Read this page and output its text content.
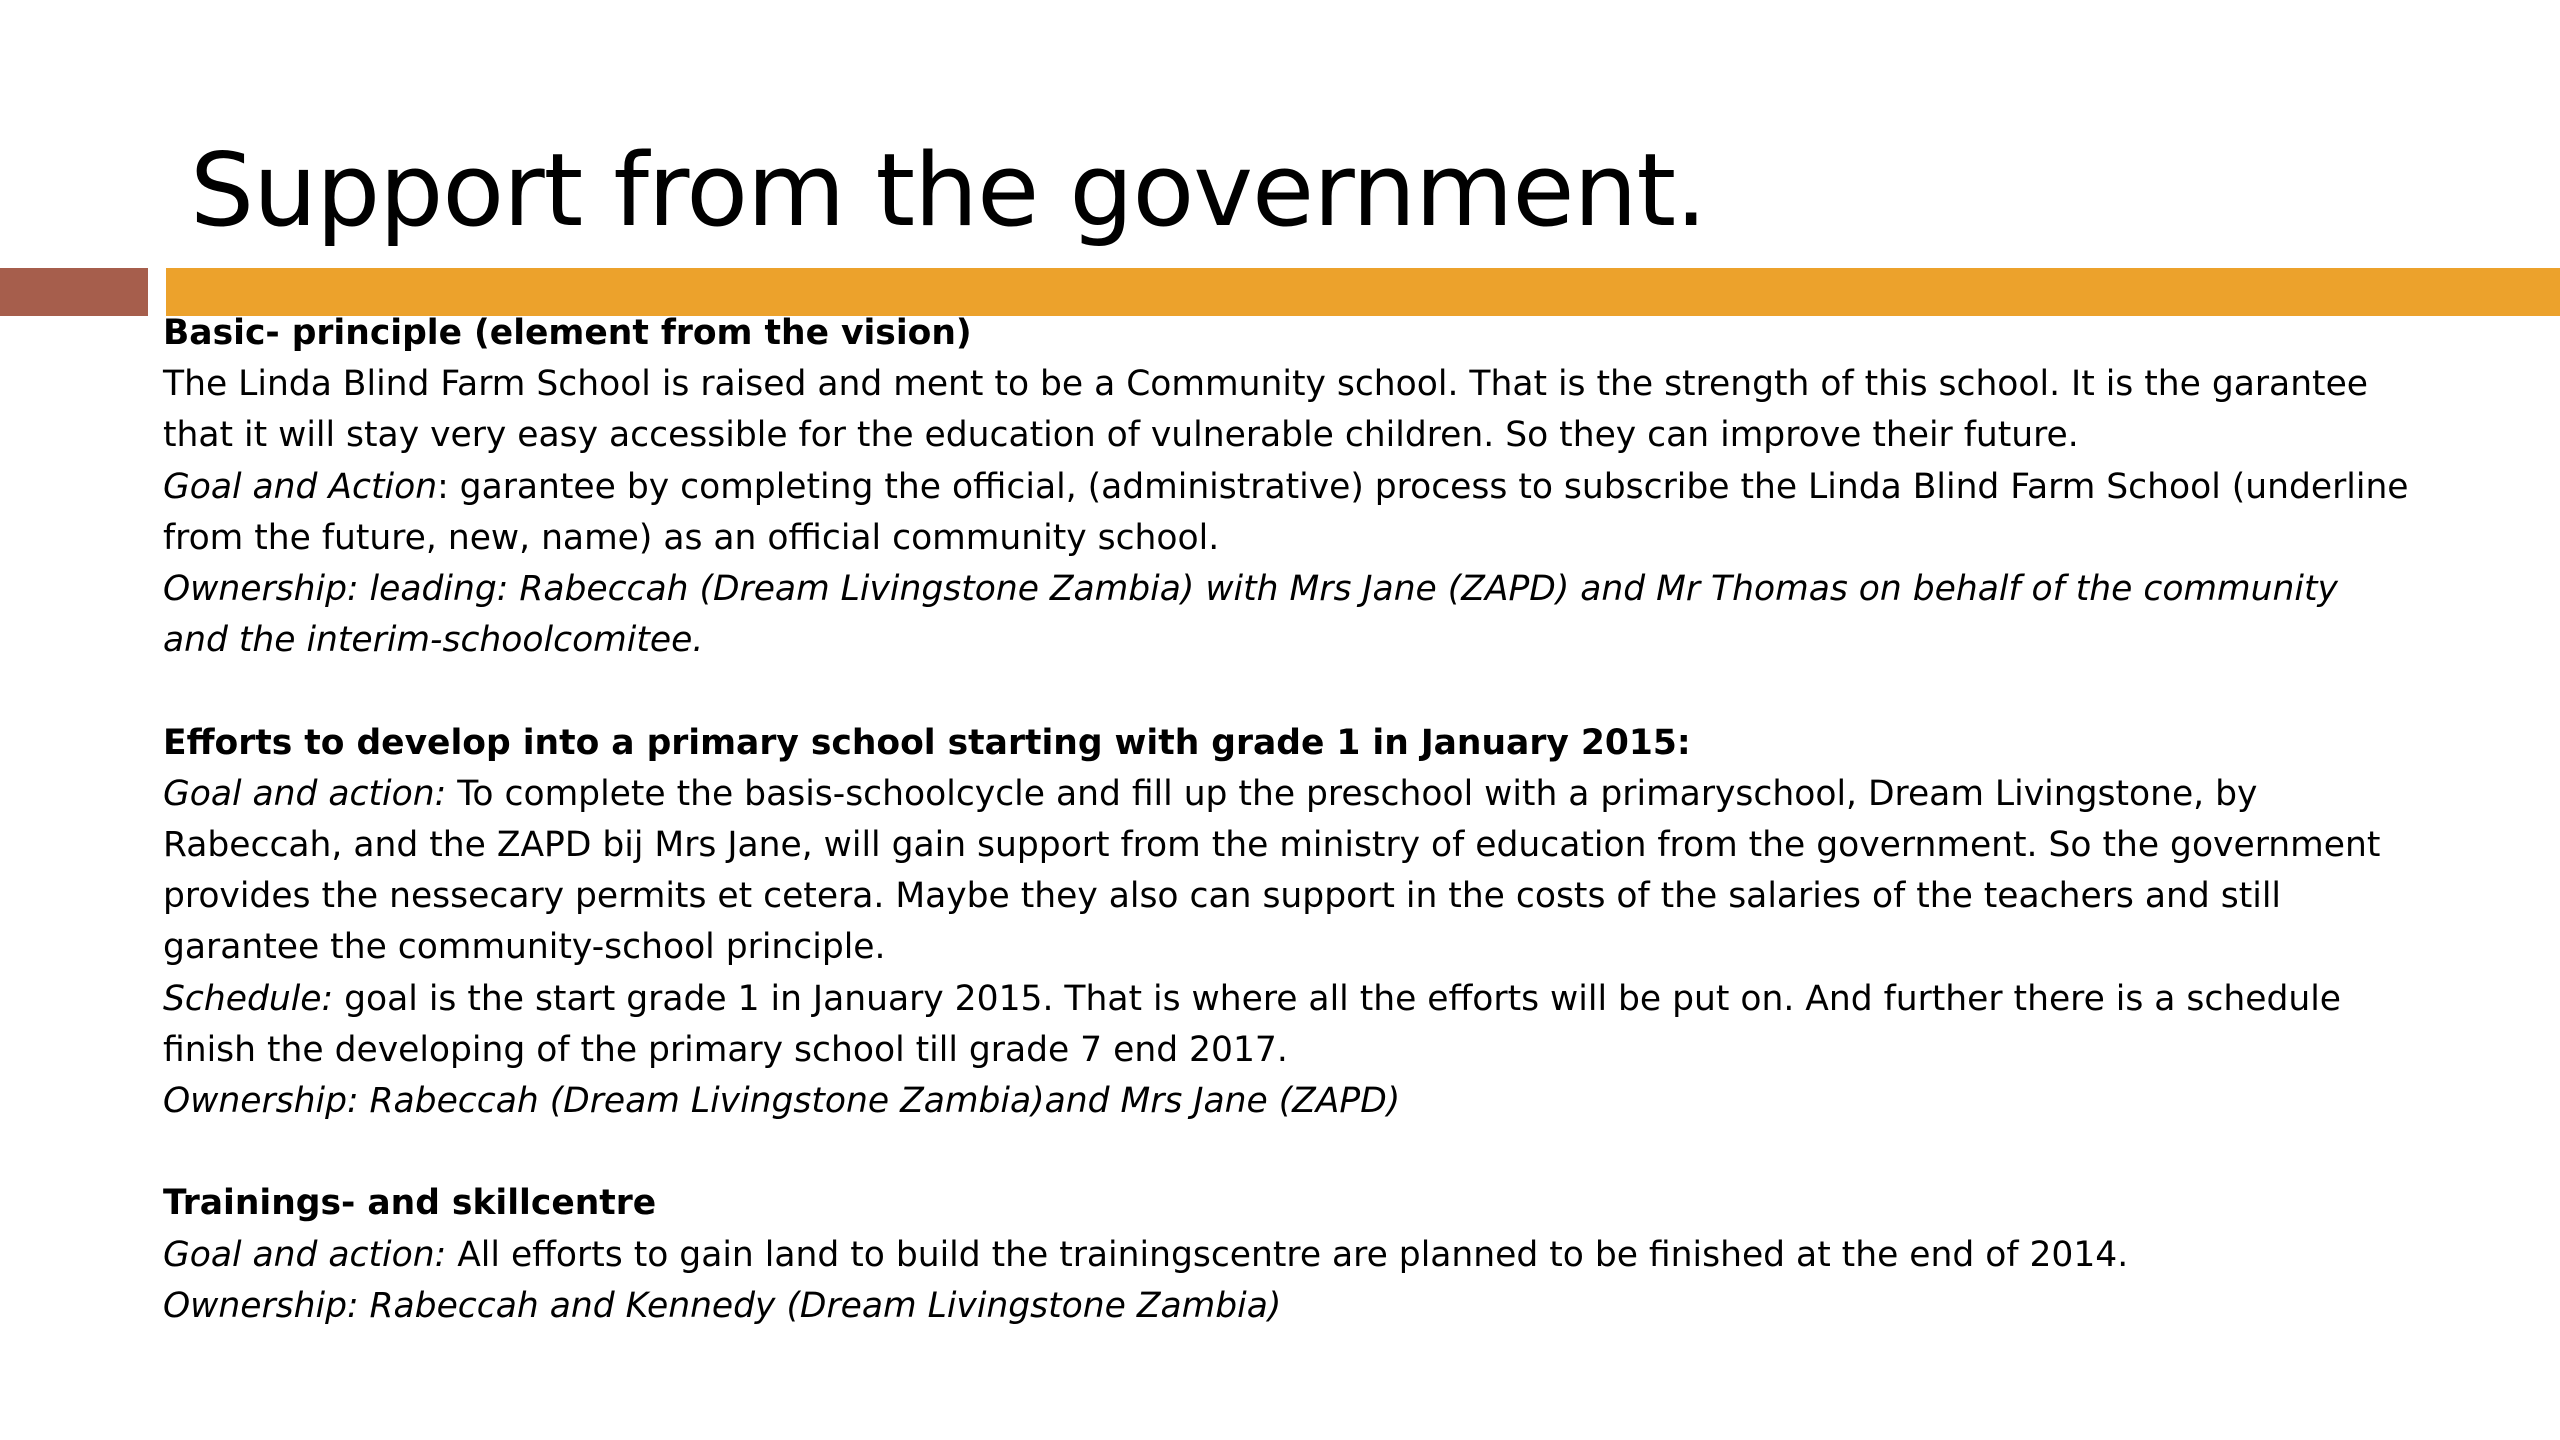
Support from the government.

Basic- principle (element from the vision)

The Linda Blind Farm School is raised and ment to be a Community school. That is the strength of this school. It is the garantee that it will stay very easy accessible for the education of vulnerable children. So they can improve their future.

Goal and Action: garantee by completing the official, (administrative) process to subscribe the Linda Blind Farm School (underline from the future, new, name) as an official community school.

Ownership: leading: Rabeccah (Dream Livingstone Zambia) with Mrs Jane (ZAPD) and Mr Thomas on behalf of the community and the interim-schoolcomitee.

Efforts to develop into a primary school starting with grade 1 in January 2015:

Goal and action: To complete the basis-schoolcycle and fill up the preschool with a primaryschool, Dream Livingstone, by Rabeccah, and the ZAPD bij Mrs Jane, will gain support from the ministry of education from the government. So the government provides the nessecary permits et cetera. Maybe they also can support in the costs of the salaries of the teachers and still garantee the community-school principle.

Schedule: goal is the start grade 1 in January 2015. That is where all the efforts will be put on. And further there is a schedule finish the developing of the primary school till grade 7 end 2017.

Ownership: Rabeccah (Dream Livingstone Zambia)and Mrs Jane (ZAPD)

Trainings- and skillcentre

Goal and action: All efforts to gain land to build the trainingscentre are planned to be finished at the end of 2014.

Ownership: Rabeccah and Kennedy (Dream Livingstone Zambia)
